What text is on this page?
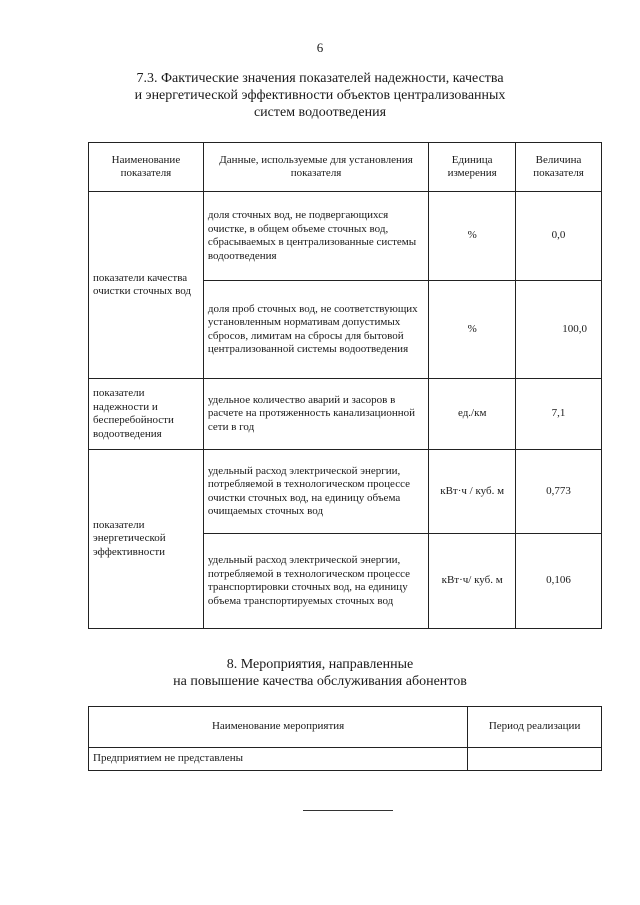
6
7.3. Фактические значения показателей надежности, качества
и энергетической эффективности объектов централизованных
систем водоотведения
Наименование показателя	Данные, используемые для установления показателя	Единица измерения	Величина показателя
показатели качества очистки сточных вод	доля сточных вод, не подвергающихся очистке, в общем объеме сточных вод, сбрасываемых в централизованные системы водоотведения	%	0,0
	доля проб сточных вод, не соответствующих установленным нормативам допустимых сбросов, лимитам на сбросы для бытовой централизованной системы водоотведения	%	100,0
показатели надежности и бесперебойности водоотведения	удельное количество аварий и засоров в расчете на протяженность канализационной сети в год	ед./км	7,1
показатели энергетической эффективности	удельный расход электрической энергии, потребляемой в технологическом процессе очистки сточных вод, на единицу объема очищаемых сточных вод	кВт·ч / куб. м	0,773
	удельный расход электрической энергии, потребляемой в технологическом процессе транспортировки сточных вод, на единицу объема транспортируемых сточных вод	кВт·ч/ куб. м	0,106
8. Мероприятия, направленные
на повышение качества обслуживания абонентов
Наименование мероприятия	Период реализации
Предприятием не представлены	
